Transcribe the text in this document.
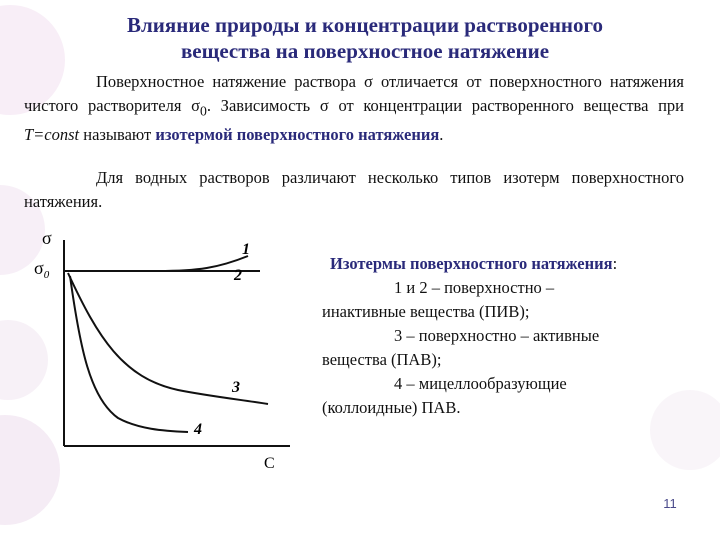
Влияние природы и концентрации растворенного
вещества на поверхностное натяжение
Поверхностное натяжение раствора σ отличается от поверхностного натяжения чистого растворителя $\sigma_0$. Зависимость σ от концентрации растворенного вещества при T=const называют изотермой поверхностного натяжения.
Для водных растворов различают несколько типов изотерм поверхностного натяжения.
σ
$\sigma_0$
C
1
2
3
4
Изотермы поверхностного натяжения:
1 и 2 – поверхностно –
инактивные вещества (ПИВ);
3 – поверхностно – активные
вещества (ПАВ);
4 – мицеллообразующие
(коллоидные) ПАВ.
11
